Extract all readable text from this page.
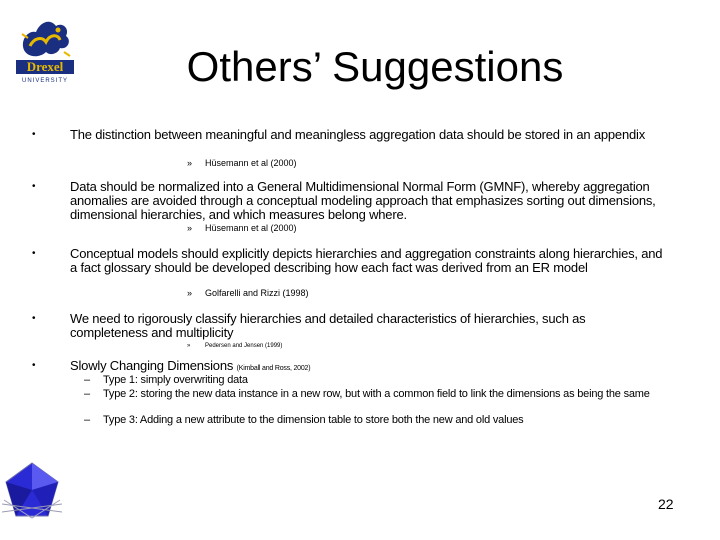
Drexel
UNIVERSITY	Others’ Suggestions
•	The distinction between meaningful and meaningless aggregation data should be stored in an appendix
» Hüsemann et al (2000)
•	Data should be normalized into a General Multidimensional Normal Form (GMNF), whereby aggregation anomalies are avoided through a conceptual modeling approach that emphasizes sorting out dimensions, dimensional hierarchies, and which measures belong where.
» Hüsemann et al (2000)
•	Conceptual models should explicitly depicts hierarchies and aggregation constraints along hierarchies, and a fact glossary should be developed describing how each fact was derived from an ER model
» Golfarelli and Rizzi (1998)
•	We need to rigorously classify hierarchies and detailed characteristics of hierarchies, such as completeness and multiplicity
» Pedersen and Jensen (1999)
•	Slowly Changing Dimensions (Kimball and Ross, 2002)
– Type 1: simply overwriting data
– Type 2: storing the new data instance in a new row, but with a common field to link the dimensions as being the same
– Type 3: Adding a new attribute to the dimension table to store both the new and old values
22
